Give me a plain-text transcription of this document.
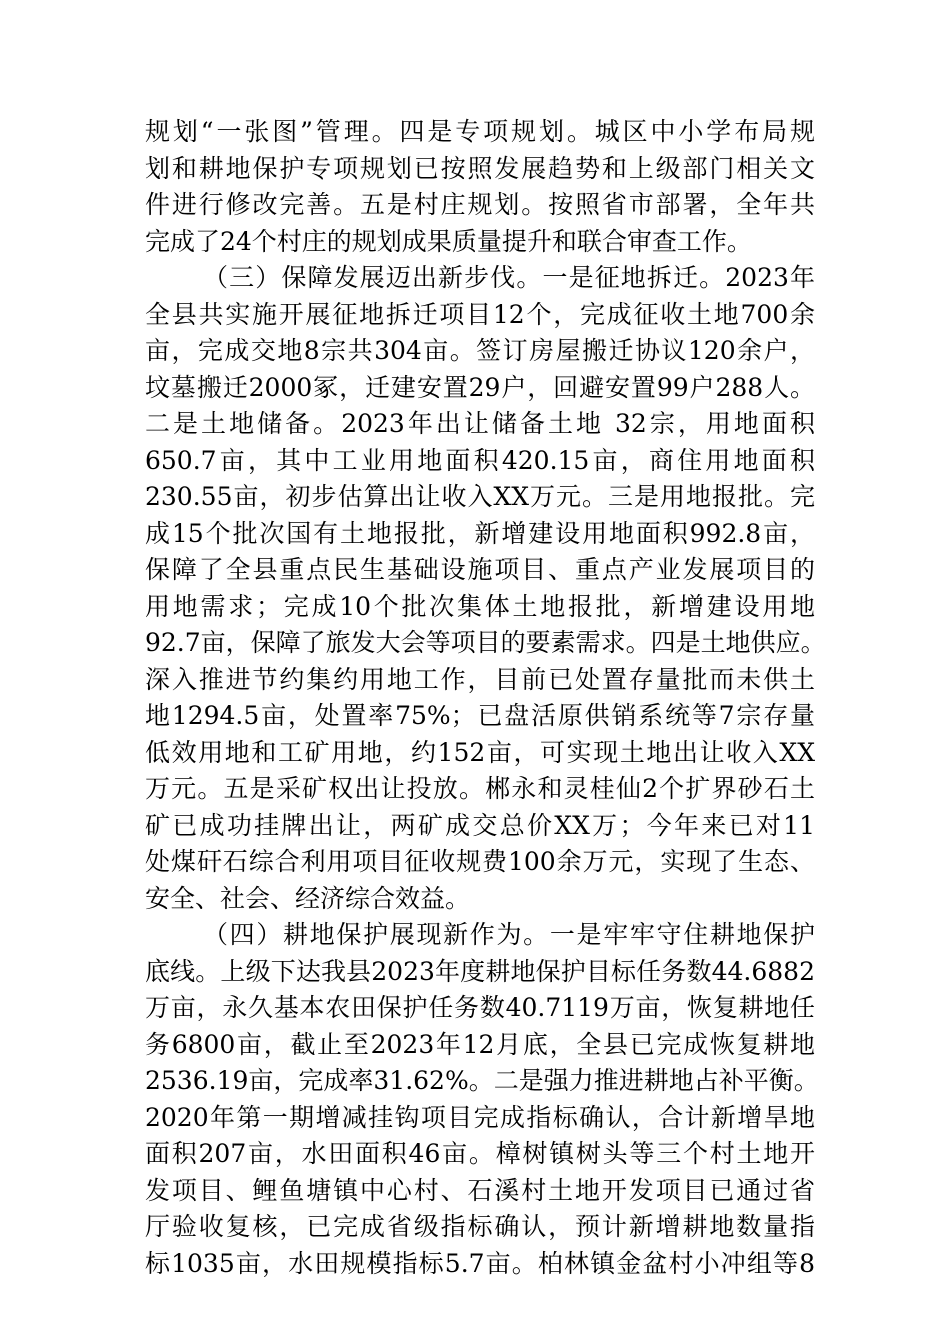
规划“一张图”管理。四是专项规划。城区中小学布局规
划和耕地保护专项规划已按照发展趋势和上级部门相关文
件进行修改完善。五是村庄规划。按照省市部署，全年共
完成了24个村庄的规划成果质量提升和联合审查工作。
（三）保障发展迈出新步伐。一是征地拆迁。2023年
全县共实施开展征地拆迁项目12个，完成征收土地700余
亩，完成交地8宗共304亩。签订房屋搬迁协议120余户，
坟墓搬迁2000冢，迁建安置29户，回避安置99户288人。
二是土地储备。2023年出让储备土地 32宗，用地面积
650.7亩，其中工业用地面积420.15亩，商住用地面积
230.55亩，初步估算出让收入XX万元。三是用地报批。完
成15个批次国有土地报批，新增建设用地面积992.8亩，
保障了全县重点民生基础设施项目、重点产业发展项目的
用地需求；完成10个批次集体土地报批，新增建设用地
92.7亩，保障了旅发大会等项目的要素需求。四是土地供应。
深入推进节约集约用地工作，目前已处置存量批而未供土
地1294.5亩，处置率75%；已盘活原供销系统等7宗存量
低效用地和工矿用地，约152亩，可实现土地出让收入XX
万元。五是采矿权出让投放。郴永和灵桂仙2个扩界砂石土
矿已成功挂牌出让，两矿成交总价XX万；今年来已对11
处煤矸石综合利用项目征收规费100余万元，实现了生态、
安全、社会、经济综合效益。
（四）耕地保护展现新作为。一是牢牢守住耕地保护
底线。上级下达我县2023年度耕地保护目标任务数44.6882
万亩，永久基本农田保护任务数40.7119万亩，恢复耕地任
务6800亩，截止至2023年12月底，全县已完成恢复耕地
2536.19亩，完成率31.62%。二是强力推进耕地占补平衡。
2020年第一期增减挂钩项目完成指标确认，合计新增旱地
面积207亩，水田面积46亩。樟树镇树头等三个村土地开
发项目、鲤鱼塘镇中心村、石溪村土地开发项目已通过省
厅验收复核，已完成省级指标确认，预计新增耕地数量指
标1035亩，水田规模指标5.7亩。柏林镇金盆村小冲组等8
